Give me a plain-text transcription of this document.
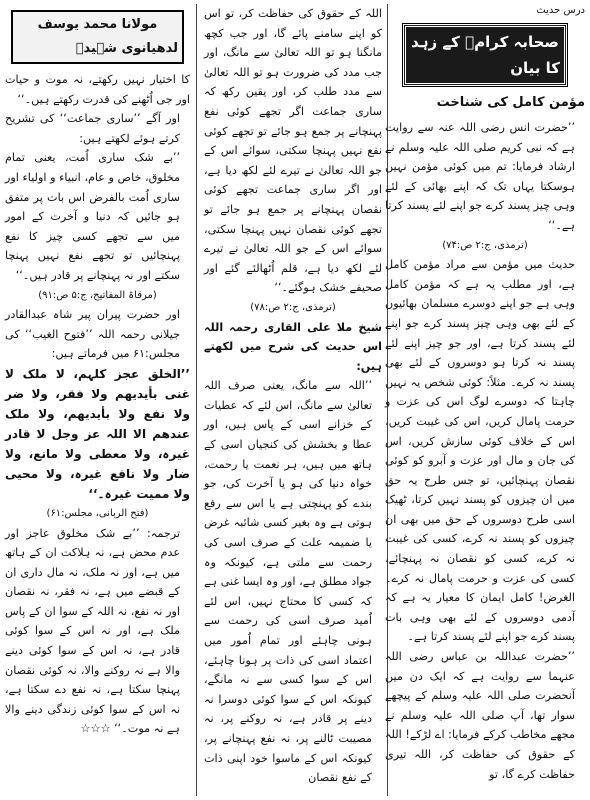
درس حدیث
صحابہ کرامؓ کے زہد کا بیان
مؤمن کامل کی شناخت

’’حضرت انس رضی اللہ عنہ سے روایت ہے کہ نبی کریم صلی اللہ علیہ وسلم نے ارشاد فرمایا: تم میں کوئی مؤمن نہیں ہوسکتا یہاں تک کہ اپنے بھائی کے لئے وہی چیز پسند کرے جو اپنے لئے پسند کرتا ہے۔‘‘

(ترمذی، ج:۲ ص:۷۴)

حدیث میں مؤمن سے مراد مؤمن کامل ہے، اور مطلب یہ ہے کہ مؤمن کامل وہی ہے جو اپنے دوسرے مسلمان بھائیوں کے لئے بھی وہی چیز پسند کرے جو اپنے لئے پسند کرتا ہے، اور جو چیز اپنے لئے پسند نہ کرتا ہو دوسروں کے لئے بھی پسند نہ کرے۔ مثلاً: کوئی شخص یہ نہیں چاہتا کہ دوسرے لوگ اس کی عزت و حرمت پامال کریں، اس کی غیبت کریں، اس کے خلاف کوئی سازش کریں، اس کی جان و مال اور عزت و آبرو کو کوئی نقصان پہنچائیں، تو جس طرح یہ حق میں ان چیزوں کو پسند نہیں کرتا، ٹھیک اسی طرح دوسروں کے حق میں بھی ان چیزوں کو پسند نہ کرے، کسی کی غیبت نہ کرے، کسی کو نقصان نہ پہنچائے، کسی کی عزت و حرمت پامال نہ کرے۔ الغرض! کامل ایمان کا معیار یہ ہے کہ آدمی دوسروں کے لئے بھی وہی بات پسند کرے جو اپنے لئے پسند کرتا ہے۔

’’حضرت عبداللہ بن عباس رضی اللہ عنہما سے روایت ہے کہ ایک دن میں آنحضرت صلی اللہ علیہ وسلم کے پیچھے سوار تھا، آپ صلی اللہ علیہ وسلم نے مجھے مخاطب کرکے فرمایا: اے لڑکے! اللہ کے حقوق کی حفاظت کر، اللہ تیری حفاظت کرے گا، تو

اللہ کے حقوق کی حفاظت کر، تو اس کو اپنے سامنے پائے گا، اور جب کچھ مانگنا ہو تو اللہ تعالیٰ سے مانگ، اور جب مدد کی ضرورت ہو تو اللہ تعالیٰ سے مدد طلب کر، اور یقین رکھ کہ ساری جماعت اگر تجھے کوئی نفع پہنچانے پر جمع ہو جائے تو تجھے کوئی نفع نہیں پہنچا سکتی، سوائے اس کے جو اللہ تعالیٰ نے تیرے لئے لکھ دیا ہے، اور اگر ساری جماعت تجھے کوئی نقصان پہنچانے پر جمع ہو جائے تو تجھے کوئی نقصان نہیں پہنچا سکتی، سوائے اس کے جو اللہ تعالیٰ نے تیرے لئے لکھ دیا ہے، قلم اُٹھالئے گئے اور صحیفے خشک ہوگئے۔‘‘

(ترمذی، ج:۲ ص:۷۸)

شیخ ملا علی القاری رحمہ اللہ اس حدیث کی شرح میں لکھتے ہیں:

’’اللہ سے مانگ، یعنی صرف اللہ تعالیٰ سے مانگ، اس لئے کہ عطیات کے خزانے اسی کے پاس ہیں، اور عطا و بخشش کی کنجیاں اسی کے ہاتھ میں ہیں، ہر نعمت یا رحمت، خواہ دنیا کی ہو یا آخرت کی، جو بندے کو پہنچتی ہے یا اس سے رفع ہوتی ہے وہ بغیر کسی شائبہ غرض یا ضمیمہ علت کے صرف اسی کی رحمت سے ملتی ہے، کیونکہ وہ جواد مطلق ہے، اور وہ ایسا غنی ہے کہ کسی کا محتاج نہیں، اس لئے اُمید صرف اسی کی رحمت سے ہونی چاہئے اور تمام اُمور میں اعتماد اسی کی ذات پر ہونا چاہئے، اس کے سوا کسی سے نہ مانگے، کیونکہ اس کے سوا کوئی دوسرا نہ دینے پر قادر ہے، نہ روکنے پر، نہ مصیبت ٹالنے پر، نہ نفع پہنچانے پر، کیونکہ اس کے ماسوا خود اپنی ذات کے نفع نقصان

مولانا محمد یوسف لدھیانوی شہیدؒ

کا اختیار نہیں رکھتے، نہ موت و حیات اور جی اُٹھنے کی قدرت رکھتے ہیں۔‘‘

اور آگے ’’ساری جماعت‘‘ کی تشریح کرتے ہوئے لکھتے ہیں:

’’بے شک ساری اُمت، یعنی تمام مخلوق، خاص و عام، انبیاء و اولیاء اور ساری اُمت بالفرض اس بات پر متفق ہو جائیں کہ دنیا و آخرت کے امور میں سے تجھے کسی چیز کا نفع پہنچائیں تو تجھے نفع نہیں پہنچا سکتے اور نہ پہنچانے پر قادر ہیں۔‘‘

(مرقاۃ المفاتیح، ج:۵ ص:۹۱)

اور حضرت پیران پیر شاہ عبدالقادر جیلانی رحمہ اللہ ’’فتوح الغیب‘‘ کی مجلس:۶۱ میں فرماتے ہیں:

’’الخلق عجز کلہم، لا ملک لا غنی بأیدیھم ولا فقر، ولا ضر ولا نفع ولا بأیدیھم، ولا ملک عندھم الا اللہ عز وجل لا قادر غیرہ، ولا معطی ولا مانع، ولا ضار ولا نافع غیرہ، ولا محیی ولا ممیت غیرہ۔‘‘

(فتح الربانی، مجلس:۶۱)

ترجمہ: ’’بے شک مخلوق عاجز اور عدم محض ہے، نہ ہلاکت ان کے ہاتھ میں ہے، اور نہ ملک، نہ مال داری ان کے قبضے میں ہے، نہ فقر، نہ نقصان اور نہ نفع، نہ اللہ کے سوا ان کے پاس ملک ہے، اور نہ اس کے سوا کوئی قادر ہے، نہ اس کے سوا کوئی دینے والا ہے نہ روکنے والا، نہ کوئی نقصان پہنچا سکتا ہے، نہ نفع دے سکتا ہے، نہ اس کے سوا کوئی زندگی دینے والا ہے نہ موت۔‘‘ ☆☆☆
